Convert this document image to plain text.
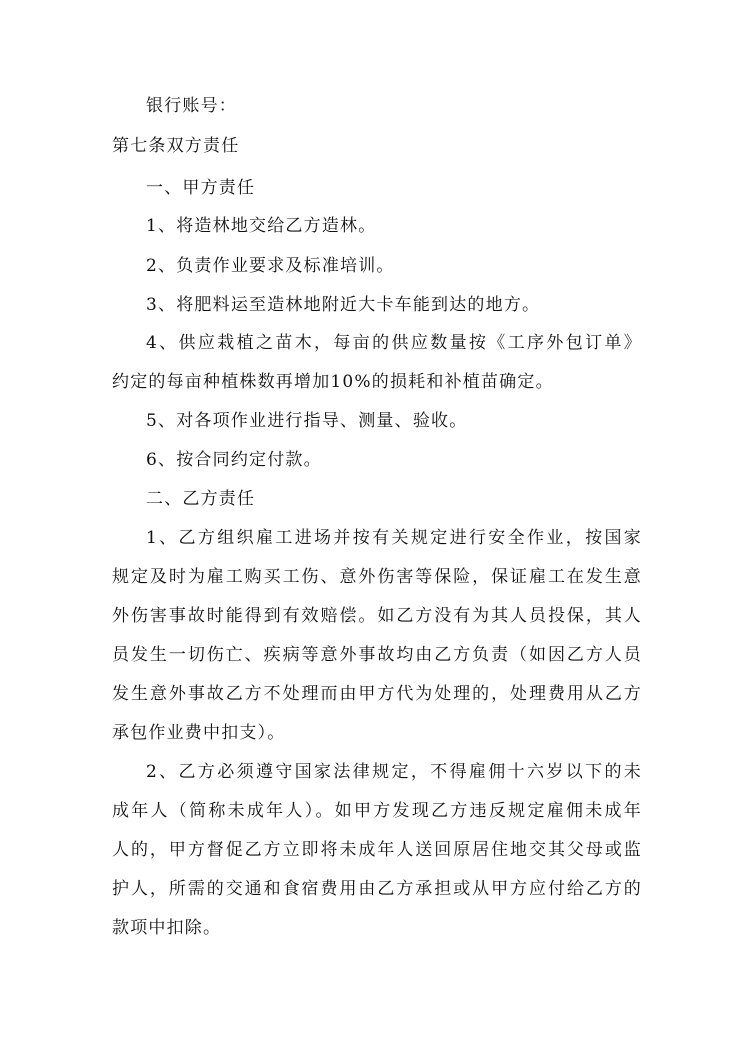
银行账号：

第七条双方责任

一、甲方责任

1、将造林地交给乙方造林。

2、负责作业要求及标准培训。

3、将肥料运至造林地附近大卡车能到达的地方。

4、供应栽植之苗木，每亩的供应数量按《工序外包订单》

约定的每亩种植株数再增加10%的损耗和补植苗确定。

5、对各项作业进行指导、测量、验收。

6、按合同约定付款。

二、乙方责任

1、乙方组织雇工进场并按有关规定进行安全作业，按国家

规定及时为雇工购买工伤、意外伤害等保险，保证雇工在发生意

外伤害事故时能得到有效赔偿。如乙方没有为其人员投保，其人

员发生一切伤亡、疾病等意外事故均由乙方负责（如因乙方人员

发生意外事故乙方不处理而由甲方代为处理的，处理费用从乙方

承包作业费中扣支）。

2、乙方必须遵守国家法律规定，不得雇佣十六岁以下的未

成年人（简称未成年人）。如甲方发现乙方违反规定雇佣未成年

人的，甲方督促乙方立即将未成年人送回原居住地交其父母或监

护人，所需的交通和食宿费用由乙方承担或从甲方应付给乙方的

款项中扣除。
